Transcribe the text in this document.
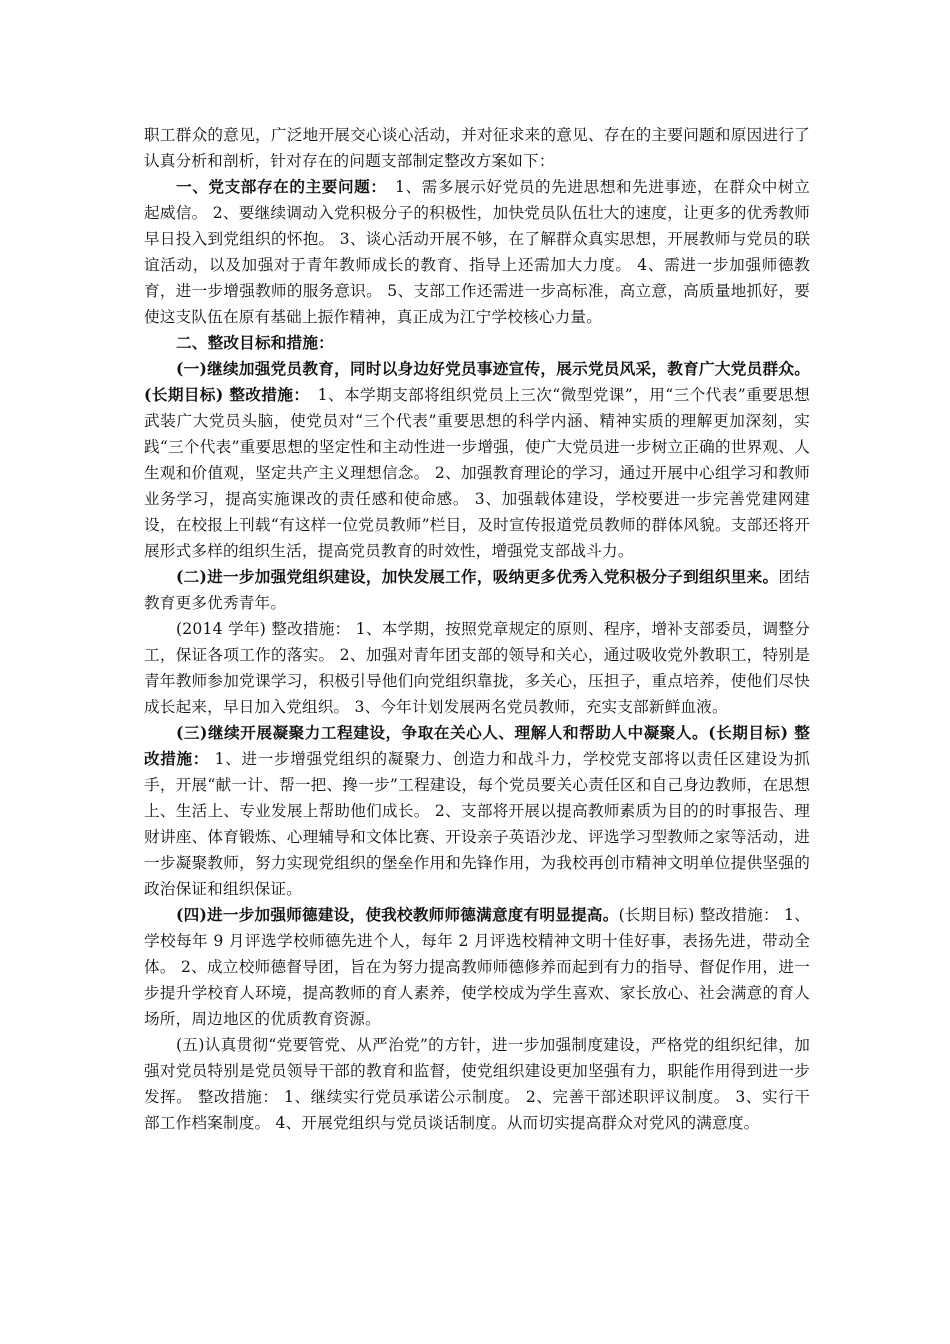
职工群众的意见，广泛地开展交心谈心活动，并对征求来的意见、存在的主要问题和原因进行了认真分析和剖析，针对存在的问题支部制定整改方案如下：

一、党支部存在的主要问题：　1、需多展示好党员的先进思想和先进事迹，在群众中树立起威信。 2、要继续调动入党积极分子的积极性，加快党员队伍壮大的速度，让更多的优秀教师早日投入到党组织的怀抱。 3、谈心活动开展不够，在了解群众真实思想，开展教师与党员的联谊活动，以及加强对于青年教师成长的教育、指导上还需加大力度。 4、需进一步加强师德教育，进一步增强教师的服务意识。 5、支部工作还需进一步高标准，高立意，高质量地抓好，要使这支队伍在原有基础上振作精神，真正成为江宁学校核心力量。

二、整改目标和措施：

(一)继续加强党员教育，同时以身边好党员事迹宣传，展示党员风采，教育广大党员群众。(长期目标) 整改措施：　1、本学期支部将组织党员上三次“微型党课”，用“三个代表”重要思想武装广大党员头脑，使党员对“三个代表”重要思想的科学内涵、精神实质的理解更加深刻，实践“三个代表”重要思想的坚定性和主动性进一步增强，使广大党员进一步树立正确的世界观、人生观和价值观，坚定共产主义理想信念。 2、加强教育理论的学习，通过开展中心组学习和教师业务学习，提高实施课改的责任感和使命感。 3、加强载体建设，学校要进一步完善党建网建设，在校报上刊载“有这样一位党员教师”栏目，及时宣传报道党员教师的群体风貌。支部还将开展形式多样的组织生活，提高党员教育的时效性，增强党支部战斗力。

(二)进一步加强党组织建设，加快发展工作，吸纳更多优秀入党积极分子到组织里来。团结教育更多优秀青年。

(2014 学年) 整改措施： 1、本学期，按照党章规定的原则、程序，增补支部委员，调整分工，保证各项工作的落实。 2、加强对青年团支部的领导和关心，通过吸收党外教职工，特别是青年教师参加党课学习，积极引导他们向党组织靠拢，多关心，压担子，重点培养，使他们尽快成长起来，早日加入党组织。 3、今年计划发展两名党员教师，充实支部新鲜血液。

(三)继续开展凝聚力工程建设，争取在关心人、理解人和帮助人中凝聚人。(长期目标) 整改措施： 1、进一步增强党组织的凝聚力、创造力和战斗力，学校党支部将以责任区建设为抓手，开展“献一计、帮一把、搀一步”工程建设，每个党员要关心责任区和自己身边教师，在思想上、生活上、专业发展上帮助他们成长。 2、支部将开展以提高教师素质为目的的时事报告、理财讲座、体育锻炼、心理辅导和文体比赛、开设亲子英语沙龙、评选学习型教师之家等活动，进一步凝聚教师，努力实现党组织的堡垒作用和先锋作用，为我校再创市精神文明单位提供坚强的政治保证和组织保证。

(四)进一步加强师德建设，使我校教师师德满意度有明显提高。(长期目标) 整改措施： 1、学校每年 9 月评选学校师德先进个人，每年 2 月评选校精神文明十佳好事，表扬先进，带动全体。 2、成立校师德督导团，旨在为努力提高教师师德修养而起到有力的指导、督促作用，进一步提升学校育人环境，提高教师的育人素养，使学校成为学生喜欢、家长放心、社会满意的育人场所，周边地区的优质教育资源。

(五)认真贯彻“党要管党、从严治党”的方针，进一步加强制度建设，严格党的组织纪律，加强对党员特别是党员领导干部的教育和监督，使党组织建设更加坚强有力，职能作用得到进一步发挥。 整改措施： 1、继续实行党员承诺公示制度。 2、完善干部述职评议制度。 3、实行干部工作档案制度。 4、开展党组织与党员谈话制度。从而切实提高群众对党风的满意度。
